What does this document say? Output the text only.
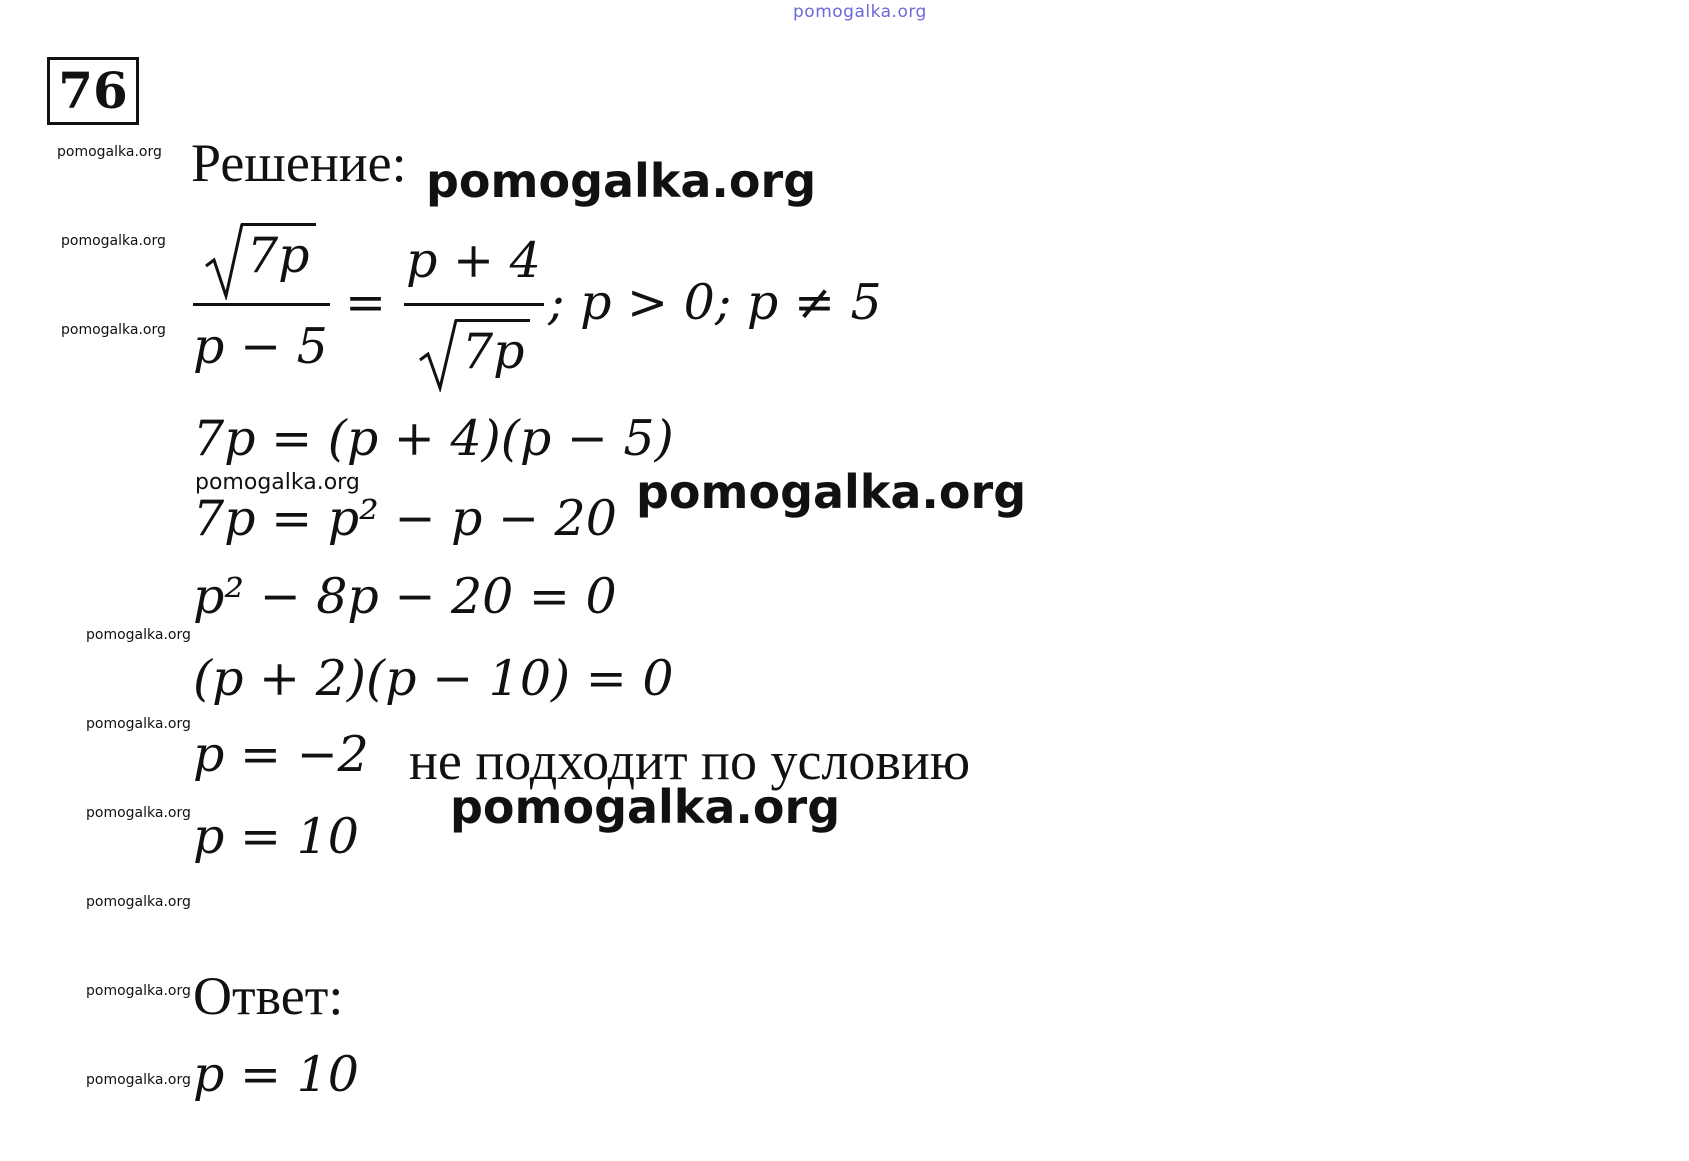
pomogalka.org
76
Решение:
7p
p − 5
=
p + 4
7p
; p > 0; p ≠ 5
7p = (p + 4)(p − 5)
7p = p² − p − 20
p² − 8p − 20 = 0
(p + 2)(p − 10) = 0
p = −2 не подходит по условию
p = 10
Ответ:
p = 10
pomogalka.org
pomogalka.org
pomogalka.org
pomogalka.org
pomogalka.org
pomogalka.org
pomogalka.org
pomogalka.org
pomogalka.org
pomogalka.org
pomogalka.org
pomogalka.org
pomogalka.org
